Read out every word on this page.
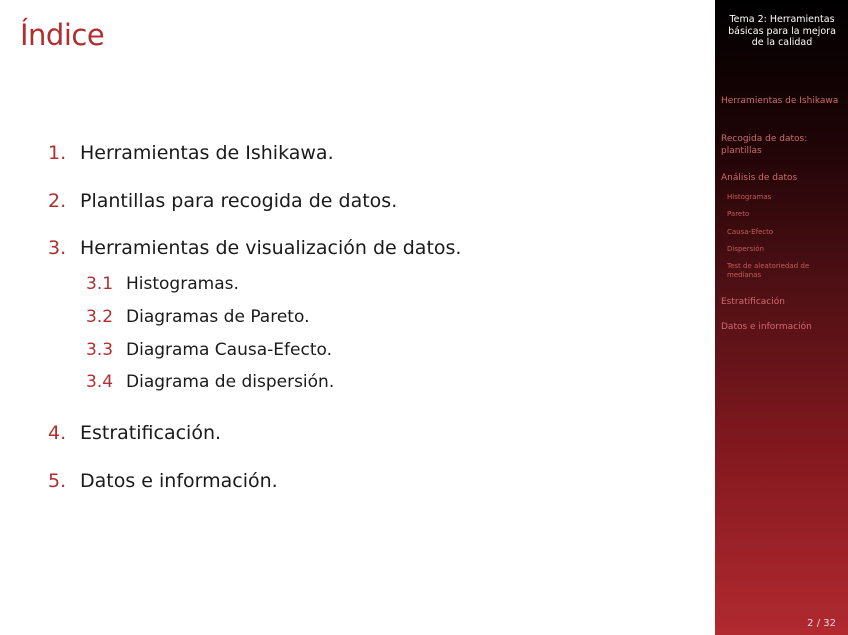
Índice
1. Herramientas de Ishikawa.
2. Plantillas para recogida de datos.
3. Herramientas de visualización de datos.
3.1 Histogramas.
3.2 Diagramas de Pareto.
3.3 Diagrama Causa-Efecto.
3.4 Diagrama de dispersión.
4. Estratificación.
5. Datos e información.
Tema 2: Herramientas básicas para la mejora de la calidad
Herramientas de Ishikawa
Recogida de datos: plantillas
Análisis de datos
Histogramas
Pareto
Causa-Efecto
Dispersión
Test de aleatoriedad de medianas
Estratificación
Datos e información
2 / 32
